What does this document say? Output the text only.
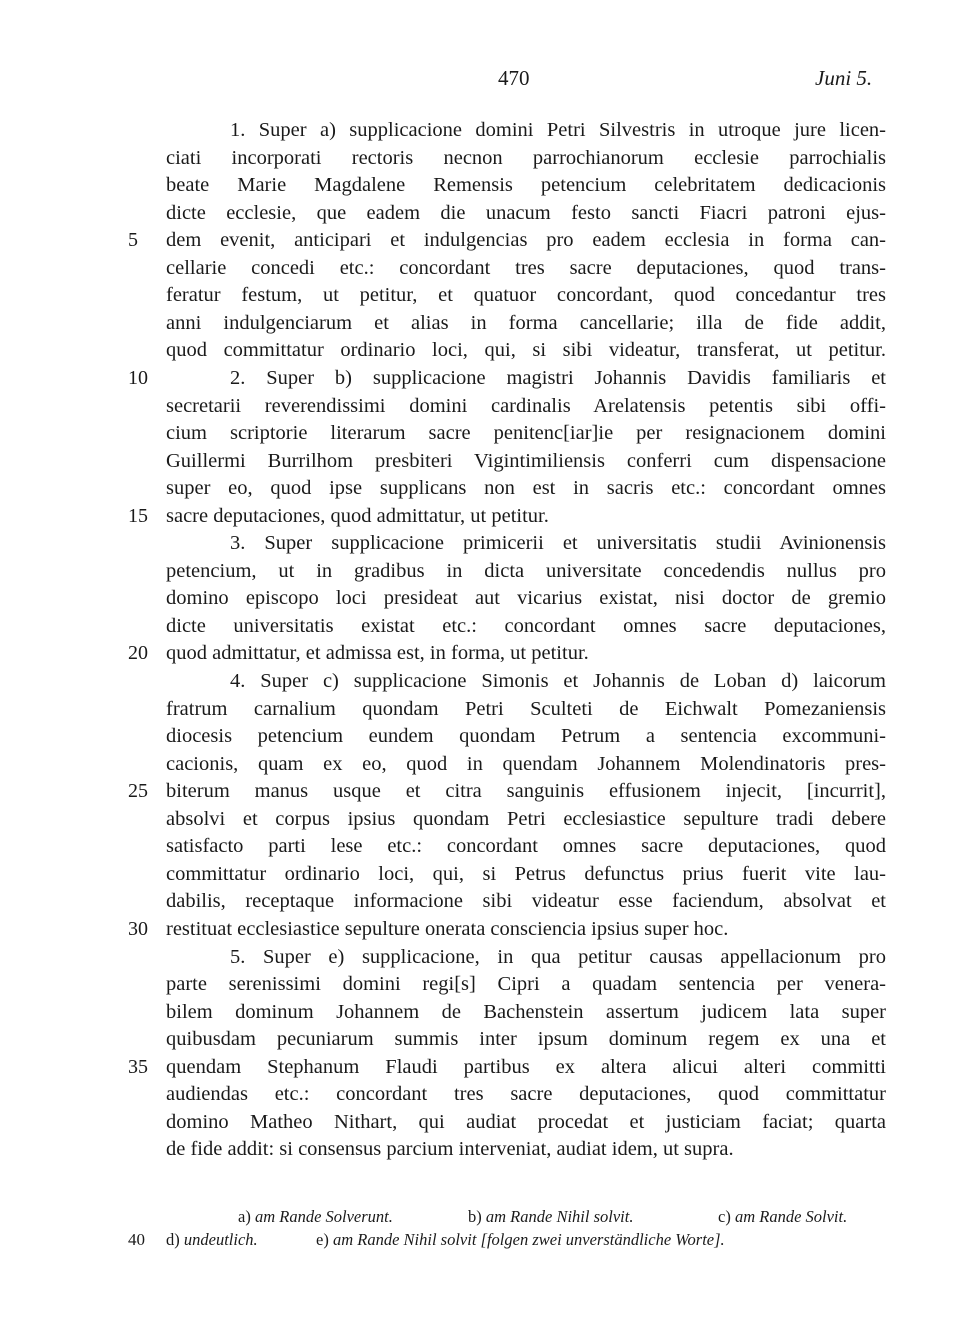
470	Juni 5.
1. Super a) supplicacione domini Petri Silvestris in utroque jure licen-
ciati incorporati rectoris necnon parrochianorum ecclesie parrochialis
beate Marie Magdalene Remensis petencium celebritatem dedicacionis
dicte ecclesie, que eadem die unacum festo sancti Fiacri patroni ejus-
dem evenit, anticipari et indulgencias pro eadem ecclesia in forma can-
5
cellarie concedi etc.: concordant tres sacre deputaciones, quod trans-
feratur festum, ut petitur, et quatuor concordant, quod concedantur tres
anni indulgenciarum et alias in forma cancellarie; illa de fide addit,
quod committatur ordinario loci, qui, si sibi videatur, transferat, ut petitur.
2. Super b) supplicacione magistri Johannis Davidis familiaris et
10
secretarii reverendissimi domini cardinalis Arelatensis petentis sibi offi-
cium scriptorie literarum sacre penitenc[iar]ie per resignacionem domini
Guillermi Burrilhom presbiteri Vigintimiliensis conferri cum dispensacione
super eo, quod ipse supplicans non est in sacris etc.: concordant omnes
sacre deputaciones, quod admittatur, ut petitur.
15
3. Super supplicacione primicerii et universitatis studii Avinionensis
petencium, ut in gradibus in dicta universitate concedendis nullus pro
domino episcopo loci presideat aut vicarius existat, nisi doctor de gremio
dicte universitatis existat etc.: concordant omnes sacre deputaciones,
quod admittatur, et admissa est, in forma, ut petitur.
20
4. Super c) supplicacione Simonis et Johannis de Loban d) laicorum
fratrum carnalium quondam Petri Sculteti de Eichwalt Pomezaniensis
diocesis petencium eundem quondam Petrum a sentencia excommuni-
cacionis, quam ex eo, quod in quendam Johannem Molendinatoris pres-
biterum manus usque et citra sanguinis effusionem injecit, [incurrit],
25
absolvi et corpus ipsius quondam Petri ecclesiastice sepulture tradi debere
satisfacto parti lese etc.: concordant omnes sacre deputaciones, quod
committatur ordinario loci, qui, si Petrus defunctus prius fuerit vite lau-
dabilis, receptaque informacione sibi videatur esse faciendum, absolvat et
restituat ecclesiastice sepulture onerata consciencia ipsius super hoc.
30
5. Super e) supplicacione, in qua petitur causas appellacionum pro
parte serenissimi domini regi[s] Cipri a quadam sentencia per venera-
bilem dominum Johannem de Bachenstein assertum judicem lata super
quibusdam pecuniarum summis inter ipsum dominum regem ex una et
quendam Stephanum Flaudi partibus ex altera alicui alteri committi
35
audiendas etc.: concordant tres sacre deputaciones, quod committatur
domino Matheo Nithart, qui audiat procedat et justiciam faciat; quarta
de fide addit: si consensus parcium interveniat, audiat idem, ut supra.
a) am Rande Solverunt.	b) am Rande Nihil solvit.	c) am Rande Solvit.
40	d) undeutlich.	e) am Rande Nihil solvit [folgen zwei unverständliche Worte].
